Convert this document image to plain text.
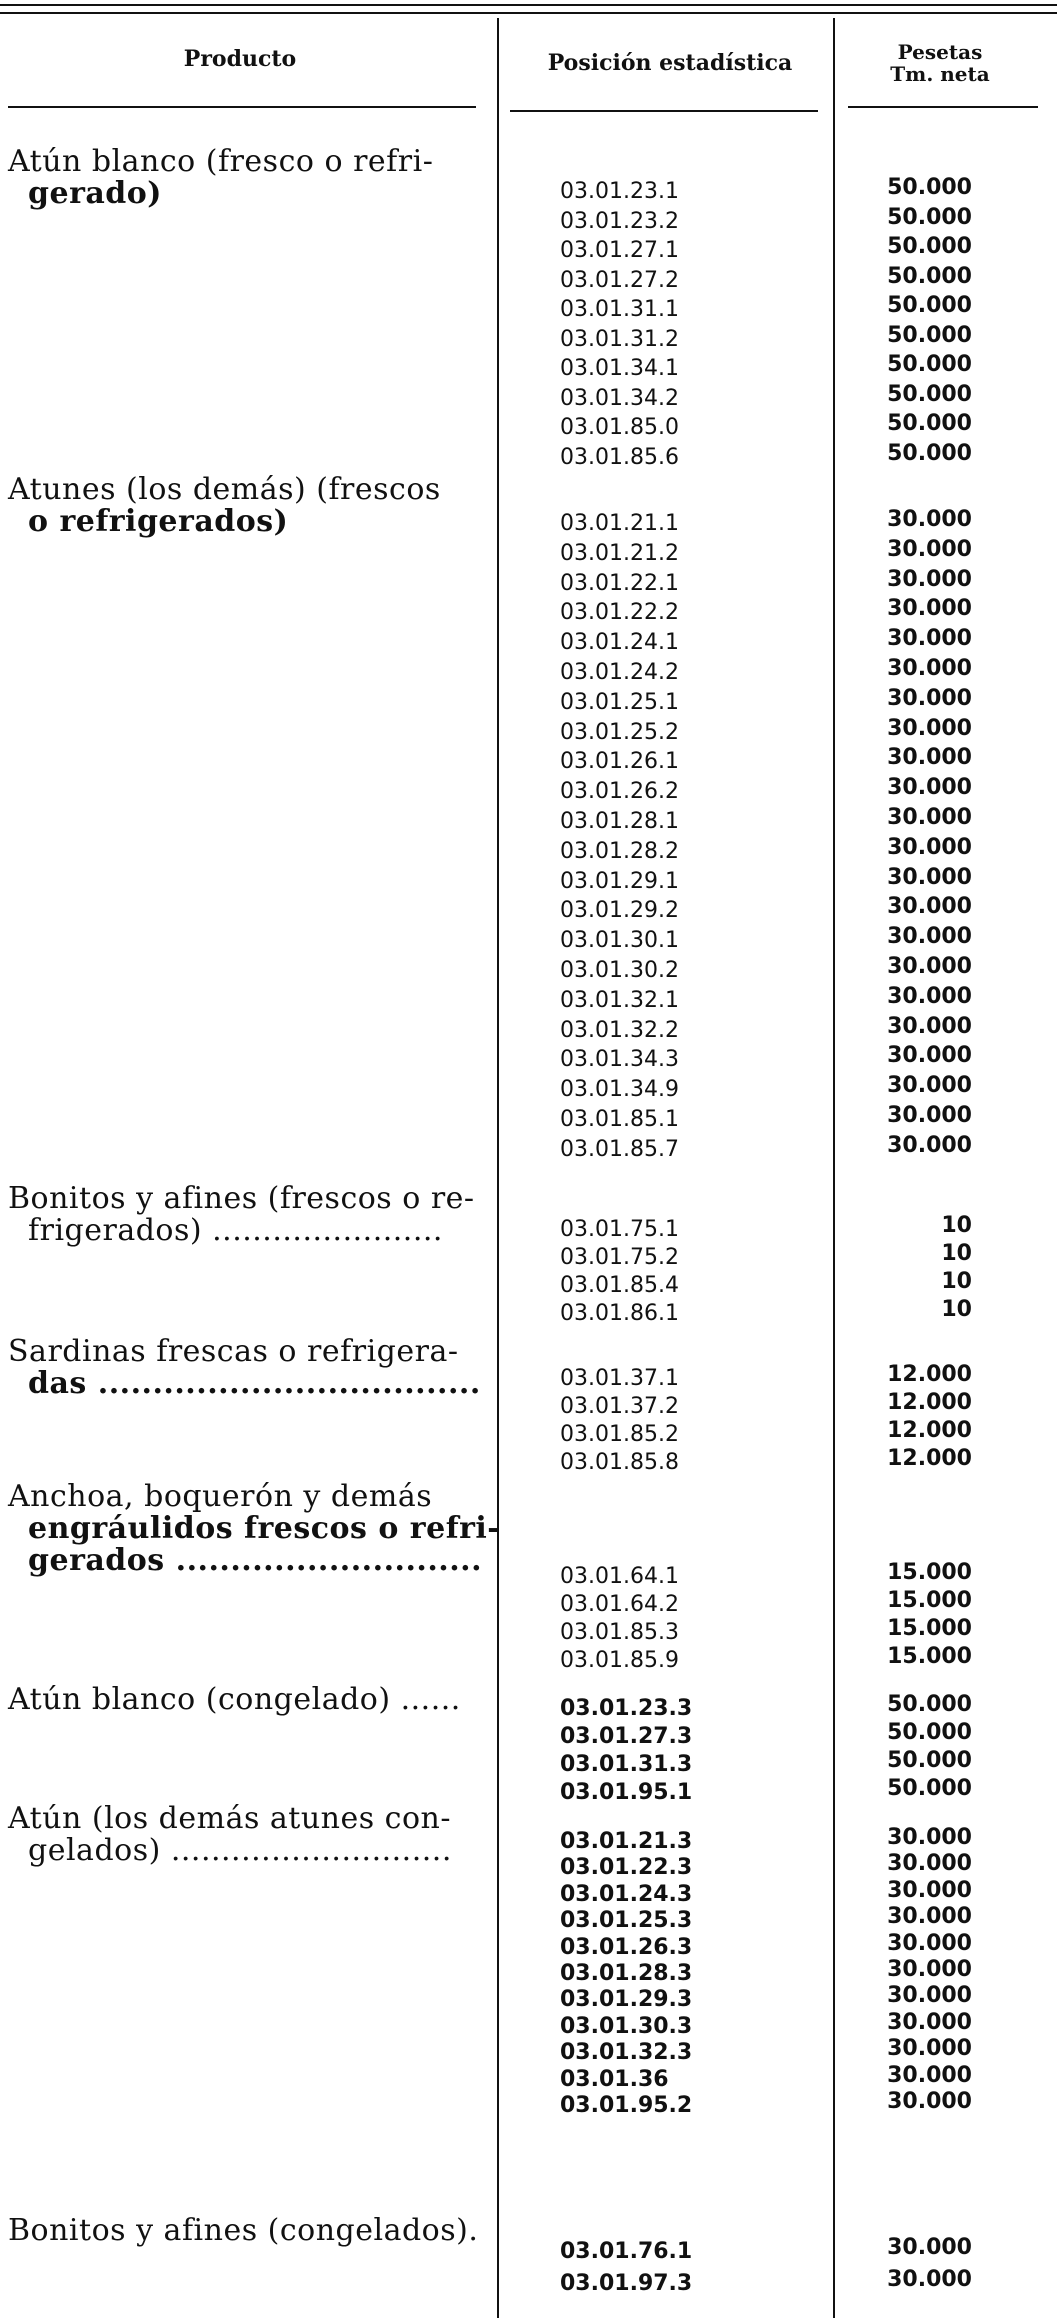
Producto	Posición estadística	Pesetas
Tm. neta
Atún blanco (fresco o refri-
gerado)	03.01.23.1	50.000
03.01.23.2	50.000
03.01.27.1	50.000
03.01.27.2	50.000
03.01.31.1	50.000
03.01.31.2	50.000
03.01.34.1	50.000
03.01.34.2	50.000
03.01.85.0	50.000
03.01.85.6	50.000
Atunes (los demás) (frescos
o refrigerados)	03.01.21.1	30.000
03.01.21.2	30.000
03.01.22.1	30.000
03.01.22.2	30.000
03.01.24.1	30.000
03.01.24.2	30.000
03.01.25.1	30.000
03.01.25.2	30.000
03.01.26.1	30.000
03.01.26.2	30.000
03.01.28.1	30.000
03.01.28.2	30.000
03.01.29.1	30.000
03.01.29.2	30.000
03.01.30.1	30.000
03.01.30.2	30.000
03.01.32.1	30.000
03.01.32.2	30.000
03.01.34.3	30.000
03.01.34.9	30.000
03.01.85.1	30.000
03.01.85.7	30.000
Bonitos y afines (frescos o re-
frigerados) .......................	03.01.75.1	10
03.01.75.2	10
03.01.85.4	10
03.01.86.1	10
Sardinas frescas o refrigera-
das ...................................	03.01.37.1	12.000
03.01.37.2	12.000
03.01.85.2	12.000
03.01.85.8	12.000
Anchoa, boquerón y demás
engráulidos frescos o refri-
gerados ............................	03.01.64.1	15.000
03.01.64.2	15.000
03.01.85.3	15.000
03.01.85.9	15.000
Atún blanco (congelado) ......	03.01.23.3	50.000
03.01.27.3	50.000
03.01.31.3	50.000
03.01.95.1	50.000
Atún (los demás atunes con-
gelados) ............................	03.01.21.3	30.000
03.01.22.3	30.000
03.01.24.3	30.000
03.01.25.3	30.000
03.01.26.3	30.000
03.01.28.3	30.000
03.01.29.3	30.000
03.01.30.3	30.000
03.01.32.3	30.000
03.01.36	30.000
03.01.95.2	30.000
Bonitos y afines (congelados).
03.01.76.1	30.000
03.01.97.3	30.000
